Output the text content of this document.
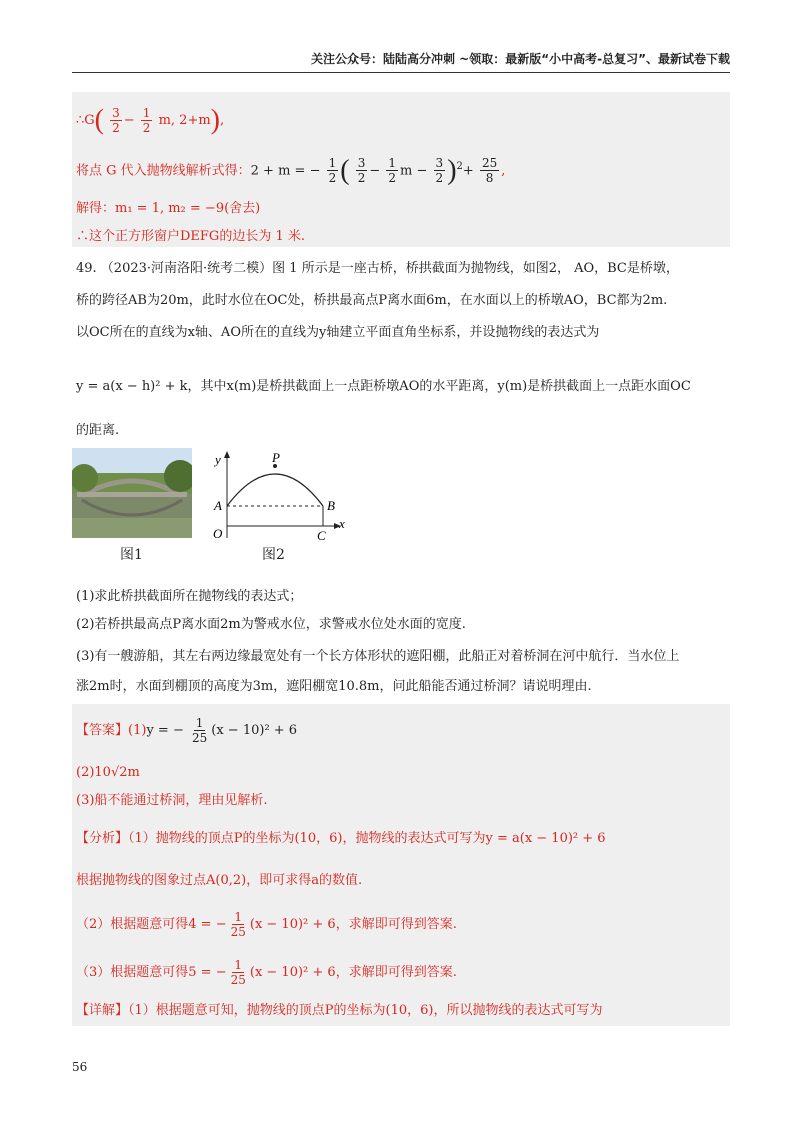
关注公众号：陆陆高分冲刺 ~领取：最新版“小中高考-总复习”、最新试卷下载
∴G( $\frac{3}{2} - \frac{1}{2} m$, 2+m),
将点 G 代入抛物线解析式得：2 + m = − $\frac{1}{2}$ ( $\frac{3}{2} - \frac{1}{2}$ $m - \frac{3}{2} )^2+ \frac{25}{8}$ ,
解得：m₁ = 1, m₂ = −9(舍去)
∴这个正方形窗户DEFG的边长为 1 米.
49. （2023·河南洛阳·统考二模）图 1 所示是一座古桥，桥拱截面为抛物线，如图2， AO，BC是桥墩，
桥的跨径AB为20m，此时水位在OC处，桥拱最高点P离水面6m，在水面以上的桥墩AO，BC都为2m.
以OC所在的直线为x轴、AO所在的直线为y轴建立平面直角坐标系，并设抛物线的表达式为
y = a(x − h)² + k，其中x(m)是桥拱截面上一点距桥墩AO的水平距离，y(m)是桥拱截面上一点距水面OC
的距离.
图1
y
x
P
A	B
O	C
图2
(1)求此桥拱截面所在抛物线的表达式；
(2)若桥拱最高点P离水面2m为警戒水位，求警戒水位处水面的宽度.
(3)有一艘游船，其左右两边缘最宽处有一个长方体形状的遮阳棚，此船正对着桥洞在河中航行．当水位上
涨2m时，水面到棚顶的高度为3m，遮阳棚宽10.8m，问此船能否通过桥洞？请说明理由.
【答案】(1)y = − $\frac{1}{25} (x - 10)^2 + 6$
(2)10√2m
(3)船不能通过桥洞，理由见解析.
【分析】（1）抛物线的顶点P的坐标为(10，6)，抛物线的表达式可写为y = a(x − 10)² + 6
根据抛物线的图象过点A(0,2)，即可求得a的数值.
（2）根据题意可得4 = − $\frac{1}{25} (x - 10)^2 + 6$，求解即可得到答案.
（3）根据题意可得5 = − $\frac{1}{25} (x - 10)^2 + 6$，求解即可得到答案.
【详解】（1）根据题意可知，抛物线的顶点P的坐标为(10，6)，所以抛物线的表达式可写为
56
